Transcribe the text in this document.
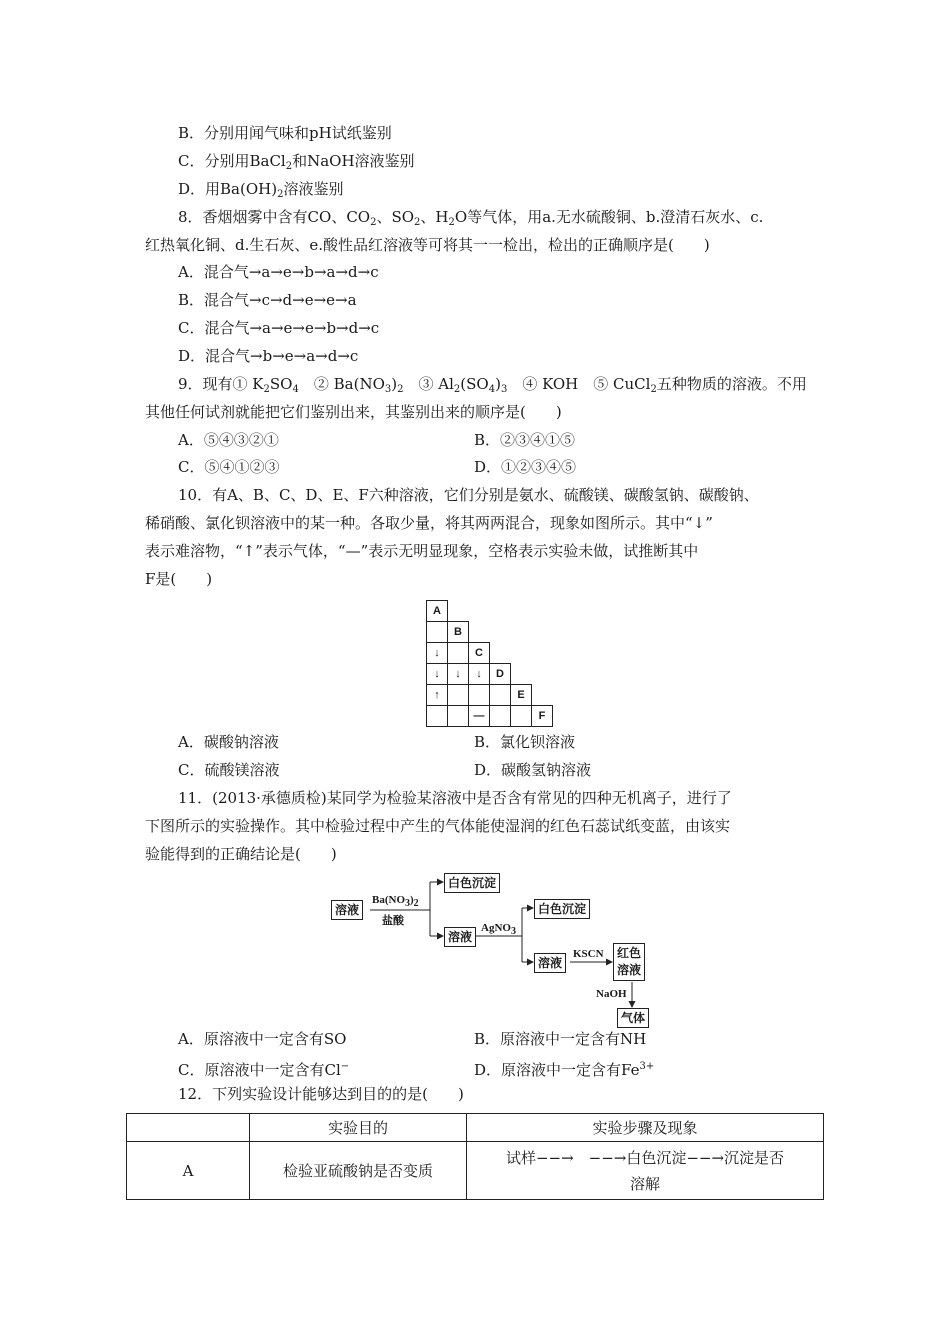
B．分别用闻气味和pH试纸鉴别
C．分别用BaCl$_2$和NaOH溶液鉴别
D．用$Ba(OH)_2$溶液鉴别
8．香烟烟雾中含有CO、$CO_2$、$SO_2$、$H_2O$等气体，用a.无水硫酸铜、b.澄清石灰水、c.
红热氧化铜、d.生石灰、e.酸性品红溶液等可将其一一检出，检出的正确顺序是(　　)
A．混合气→a→e→b→a→d→c
B．混合气→c→d→e→e→a
C．混合气→a→e→e→b→d→c
D．混合气→b→e→a→d→c
9．现有① $K_2SO_4$　② $Ba(NO_3)_2$　③ $Al_2(SO_4)_3$　④ KOH　⑤ CuCl$_2$五种物质的溶液。不用
其他任何试剂就能把它们鉴别出来，其鉴别出来的顺序是(　　)
A．⑤④③②①	B．②③④①⑤
C．⑤④①②③	D．①②③④⑤
10．有A、B、C、D、E、F六种溶液，它们分别是氨水、硫酸镁、碳酸氢钠、碳酸钠、
稀硝酸、氯化钡溶液中的某一种。各取少量，将其两两混合，现象如图所示。其中“↓”
表示难溶物，“↑”表示气体，“—”表示无明显现象，空格表示实验未做，试推断其中
F是(　　)
A					
	B				
↓		C			
↓	↓	↓	D		
↑				E	
		—			F
A．碳酸钠溶液	B．氯化钡溶液
C．硫酸镁溶液	D．碳酸氢钠溶液
11．(2013·承德质检)某同学为检验某溶液中是否含有常见的四种无机离子，进行了
下图所示的实验操作。其中检验过程中产生的气体能使湿润的红色石蕊试纸变蓝，由该实
验能得到的正确结论是(　　)
溶液
$Ba(NO_3)_2$
盐酸
白色沉淀
溶液
AgNO$_3$
白色沉淀
溶液
KSCN	红色
溶液
NaOH
气体
A．原溶液中一定含有SO	B．原溶液中一定含有NH
C．原溶液中一定含有Cl−	D．原溶液中一定含有$Fe^{3+}$
12．下列实验设计能够达到目的的是(　　)
	实验目的	实验步骤及现象
A	检验亚硫酸钠是否变质	试样−−→　−−→白色沉淀−−→沉淀是否
溶解
